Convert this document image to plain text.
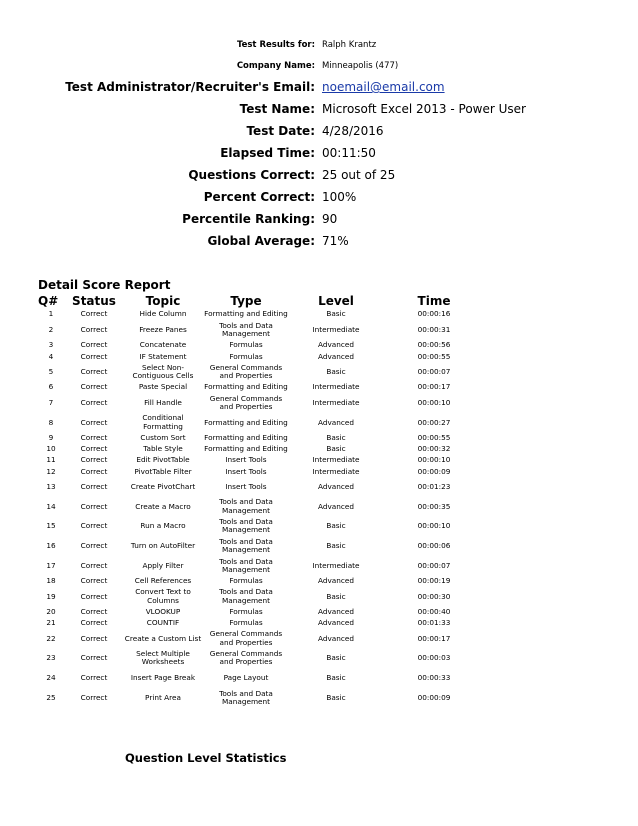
Test Results for: Ralph Krantz
Company Name: Minneapolis (477)
Test Administrator/Recruiter's Email: noemail@email.com
Test Name: Microsoft Excel 2013 - Power User
Test Date: 4/28/2016
Elapsed Time: 00:11:50
Questions Correct: 25 out of 25
Percent Correct: 100%
Percentile Ranking: 90
Global Average: 71%
Detail Score Report
Q#	Status	Topic	Type	Level	Time
1	Correct	Hide Column	Formatting and Editing	Basic	00:00:16
2	Correct	Freeze Panes	Tools and Data Management	Intermediate	00:00:31
3	Correct	Concatenate	Formulas	Advanced	00:00:56
4	Correct	IF Statement	Formulas	Advanced	00:00:55
5	Correct	Select Non-Contiguous Cells	General Commands and Properties	Basic	00:00:07
6	Correct	Paste Special	Formatting and Editing	Intermediate	00:00:17
7	Correct	Fill Handle	General Commands and Properties	Intermediate	00:00:10
8	Correct	Conditional Formatting	Formatting and Editing	Advanced	00:00:27
9	Correct	Custom Sort	Formatting and Editing	Basic	00:00:55
10	Correct	Table Style	Formatting and Editing	Basic	00:00:32
11	Correct	Edit PivotTable	Insert Tools	Intermediate	00:00:10
12	Correct	PivotTable Filter	Insert Tools	Intermediate	00:00:09
13	Correct	Create PivotChart	Insert Tools	Advanced	00:01:23
14	Correct	Create a Macro	Tools and Data Management	Advanced	00:00:35
15	Correct	Run a Macro	Tools and Data Management	Basic	00:00:10
16	Correct	Turn on AutoFilter	Tools and Data Management	Basic	00:00:06
17	Correct	Apply Filter	Tools and Data Management	Intermediate	00:00:07
18	Correct	Cell References	Formulas	Advanced	00:00:19
19	Correct	Convert Text to Columns	Tools and Data Management	Basic	00:00:30
20	Correct	VLOOKUP	Formulas	Advanced	00:00:40
21	Correct	COUNTIF	Formulas	Advanced	00:01:33
22	Correct	Create a Custom List	General Commands and Properties	Advanced	00:00:17
23	Correct	Select Multiple Worksheets	General Commands and Properties	Basic	00:00:03
24	Correct	Insert Page Break	Page Layout	Basic	00:00:33
25	Correct	Print Area	Tools and Data Management	Basic	00:00:09
Question Level Statistics
